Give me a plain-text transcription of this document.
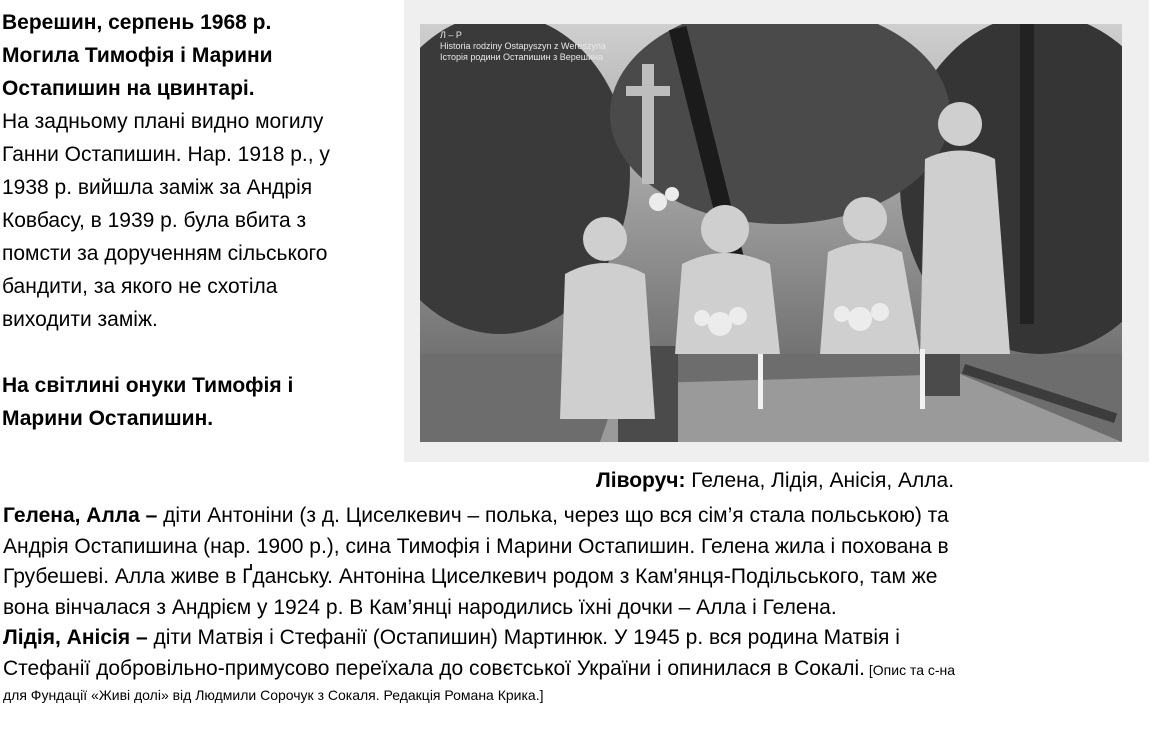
Верешин, серпень 1968 р.

Могила Тимофія і Марини

Остапишин на цвинтарі.

На задньому плані видно могилу

Ганни Остапишин. Нар. 1918 р., у

1938 р. вийшла заміж за Андрія

Ковбасу, в 1939 р. була вбита з

помсти за дорученням сільського

бандити, за якого не схотіла

виходити заміж.

На світлині онуки Тимофія і

Марини Остапишин.

Л – Р
Historia rodziny Ostapyszyn z Wereszyna
Історія родини Остапишин з Верешина
Ліворуч: Гелена, Лідія, Анісія, Алла.

Гелена, Алла – діти Антоніни (з д. Циселкевич – полька, через що вся сім’я стала польською) та

Андрія Остапишина (нар. 1900 р.), сина Тимофія і Марини Остапишин. Гелена жила і похована в

Грубешеві. Алла живе в Ґданську. Антоніна Циселкевич родом з Кам'янця-Подільського, там же

вона вінчалася з Андрієм у 1924 р. В Кам’янці народились їхні дочки – Алла і Гелена.

Лідія, Анісія – діти Матвія і Стефанії (Остапишин) Мартинюк. У 1945 р. вся родина Матвія і

Стефанії добровільно-примусово переїхала до совєтської України і опинилася в Сокалі. [Опис та с-на

для Фундації «Живі долі» від Людмили Сорочук з Сокаля. Редакція Романа Крика.]
